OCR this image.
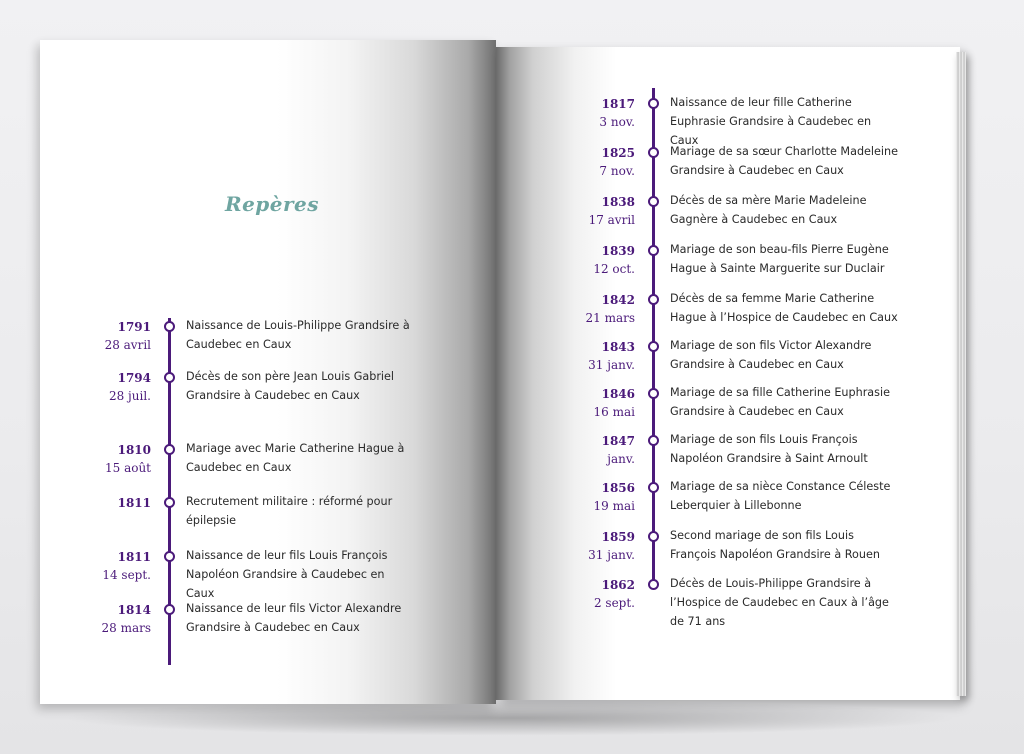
Repères
1791
28 avril
Naissance de Louis-Philippe Grandsire à Caudebec en Caux
1794
28 juil.
Décès de son père Jean Louis Gabriel Grandsire à Caudebec en Caux
1810
15 août
Mariage avec Marie Catherine Hague à Caudebec en Caux
1811	Recrutement militaire : réformé pour épilepsie
1811
14 sept.
Naissance de leur fils Louis François Napoléon Grandsire à Caudebec en Caux
1814
28 mars
Naissance de leur fils Victor Alexandre Grandsire à Caudebec en Caux
1817
3 nov.
Naissance de leur fille Catherine Euphrasie Grandsire à Caudebec en Caux
1825
7 nov.
Mariage de sa sœur Charlotte Madeleine Grandsire à Caudebec en Caux
1838
17 avril
Décès de sa mère Marie Madeleine Gagnère à Caudebec en Caux
1839
12 oct.
Mariage de son beau-fils Pierre Eugène Hague à Sainte Marguerite sur Duclair
1842
21 mars
Décès de sa femme Marie Catherine Hague à l’Hospice de Caudebec en Caux
1843
31 janv.
Mariage de son fils Victor Alexandre Grandsire à Caudebec en Caux
1846
16 mai
Mariage de sa fille Catherine Euphrasie Grandsire à Caudebec en Caux
1847
janv.
Mariage de son fils Louis François Napoléon Grandsire à Saint Arnoult
1856
19 mai
Mariage de sa nièce Constance Céleste Leberquier à Lillebonne
1859
31 janv.
Second mariage de son fils Louis François Napoléon Grandsire à Rouen
1862
2 sept.
Décès de Louis-Philippe Grandsire à l’Hospice de Caudebec en Caux à l’âge de 71 ans
